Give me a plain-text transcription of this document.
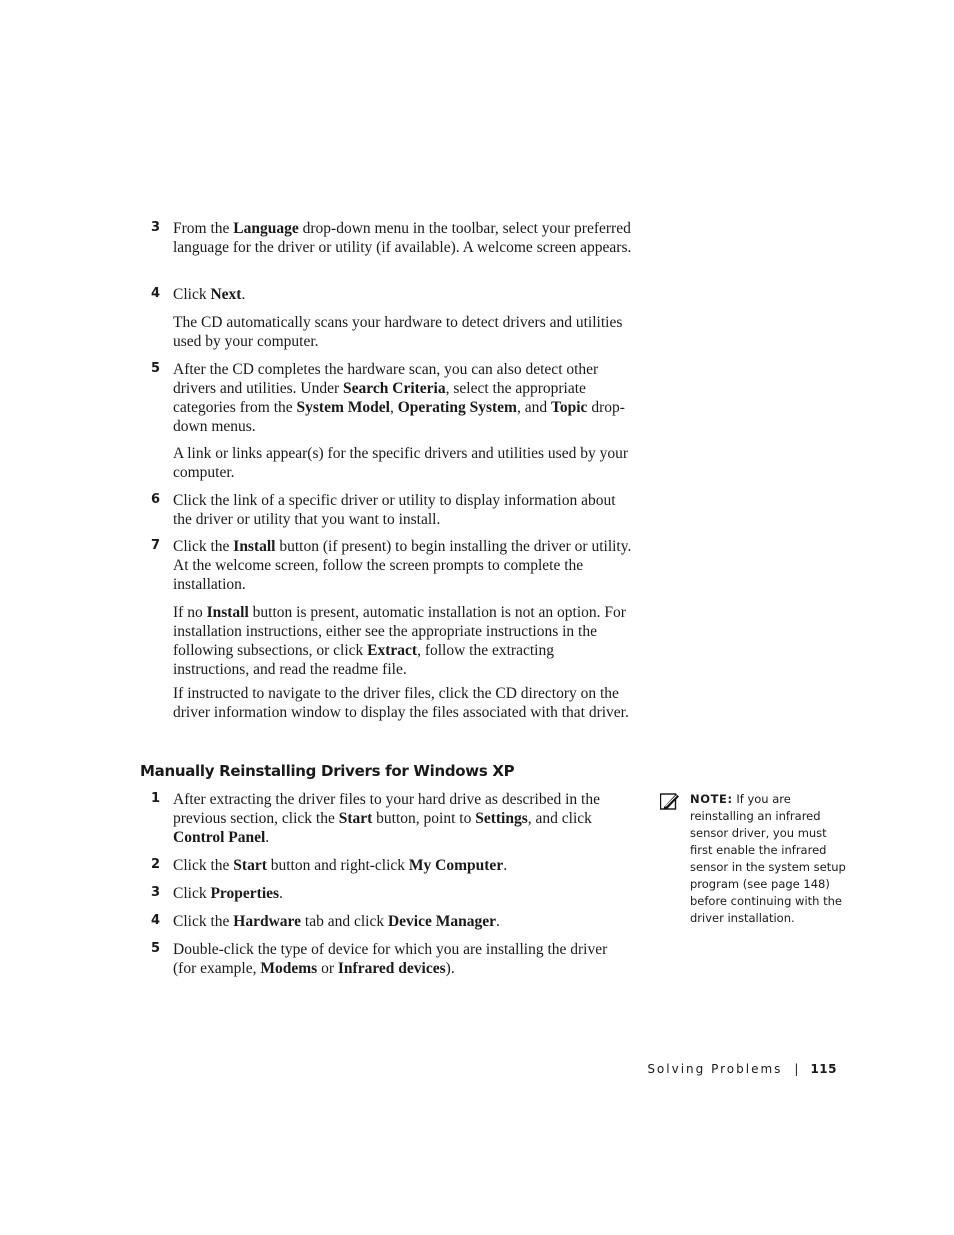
3 From the Language drop-down menu in the toolbar, select your preferred language for the driver or utility (if available). A welcome screen appears.
4 Click Next.
The CD automatically scans your hardware to detect drivers and utilities used by your computer.
5 After the CD completes the hardware scan, you can also detect other drivers and utilities. Under Search Criteria, select the appropriate categories from the System Model, Operating System, and Topic drop-down menus.
A link or links appear(s) for the specific drivers and utilities used by your computer.
6 Click the link of a specific driver or utility to display information about the driver or utility that you want to install.
7 Click the Install button (if present) to begin installing the driver or utility. At the welcome screen, follow the screen prompts to complete the installation.
If no Install button is present, automatic installation is not an option. For installation instructions, either see the appropriate instructions in the following subsections, or click Extract, follow the extracting instructions, and read the readme file.
If instructed to navigate to the driver files, click the CD directory on the driver information window to display the files associated with that driver.
Manually Reinstalling Drivers for Windows XP
1 After extracting the driver files to your hard drive as described in the previous section, click the Start button, point to Settings, and click Control Panel.
2 Click the Start button and right-click My Computer.
3 Click Properties.
4 Click the Hardware tab and click Device Manager.
5 Double-click the type of device for which you are installing the driver (for example, Modems or Infrared devices).
NOTE: If you are reinstalling an infrared sensor driver, you must first enable the infrared sensor in the system setup program (see page 148) before continuing with the driver installation.
Solving Problems | 115
